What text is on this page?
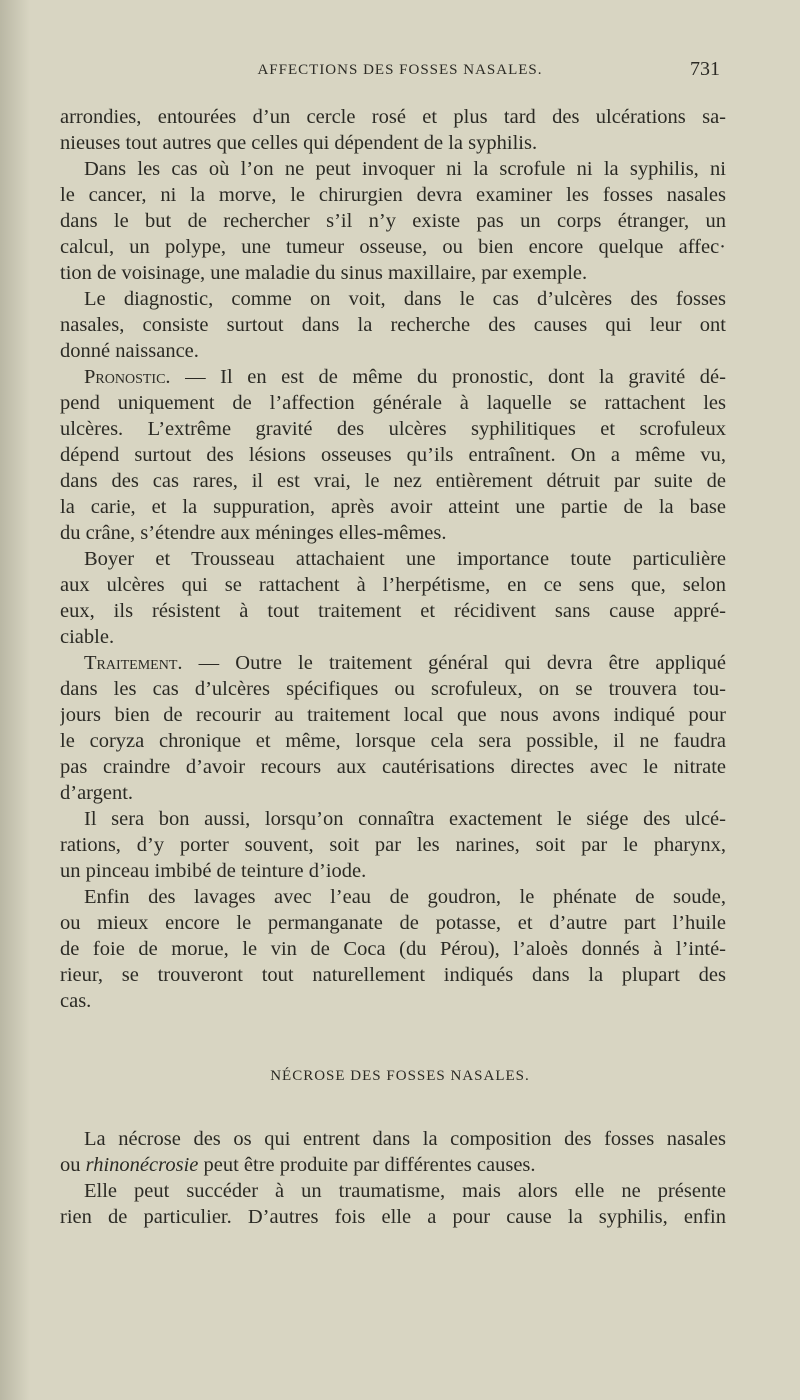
AFFECTIONS DES FOSSES NASALES.	731
arrondies, entourées d’un cercle rosé et plus tard des ulcérations sa-
nieuses tout autres que celles qui dépendent de la syphilis.
Dans les cas où l’on ne peut invoquer ni la scrofule ni la syphilis, ni
le cancer, ni la morve, le chirurgien devra examiner les fosses nasales
dans le but de rechercher s’il n’y existe pas un corps étranger, un
calcul, un polype, une tumeur osseuse, ou bien encore quelque affec·
tion de voisinage, une maladie du sinus maxillaire, par exemple.
Le diagnostic, comme on voit, dans le cas d’ulcères des fosses
nasales, consiste surtout dans la recherche des causes qui leur ont
donné naissance.
Pronostic. — Il en est de même du pronostic, dont la gravité dé-
pend uniquement de l’affection générale à laquelle se rattachent les
ulcères. L’extrême gravité des ulcères syphilitiques et scrofuleux
dépend surtout des lésions osseuses qu’ils entraînent. On a même vu,
dans des cas rares, il est vrai, le nez entièrement détruit par suite de
la carie, et la suppuration, après avoir atteint une partie de la base
du crâne, s’étendre aux méninges elles-mêmes.
Boyer et Trousseau attachaient une importance toute particulière
aux ulcères qui se rattachent à l’herpétisme, en ce sens que, selon
eux, ils résistent à tout traitement et récidivent sans cause appré-
ciable.
Traitement. — Outre le traitement général qui devra être appliqué
dans les cas d’ulcères spécifiques ou scrofuleux, on se trouvera tou-
jours bien de recourir au traitement local que nous avons indiqué pour
le coryza chronique et même, lorsque cela sera possible, il ne faudra
pas craindre d’avoir recours aux cautérisations directes avec le nitrate
d’argent.
Il sera bon aussi, lorsqu’on connaîtra exactement le siége des ulcé-
rations, d’y porter souvent, soit par les narines, soit par le pharynx,
un pinceau imbibé de teinture d’iode.
Enfin des lavages avec l’eau de goudron, le phénate de soude,
ou mieux encore le permanganate de potasse, et d’autre part l’huile
de foie de morue, le vin de Coca (du Pérou), l’aloès donnés à l’inté-
rieur, se trouveront tout naturellement indiqués dans la plupart des
cas.
NÉCROSE DES FOSSES NASALES.
La nécrose des os qui entrent dans la composition des fosses nasales
ou rhinonécrosie peut être produite par différentes causes.
Elle peut succéder à un traumatisme, mais alors elle ne présente
rien de particulier. D’autres fois elle a pour cause la syphilis, enfin
